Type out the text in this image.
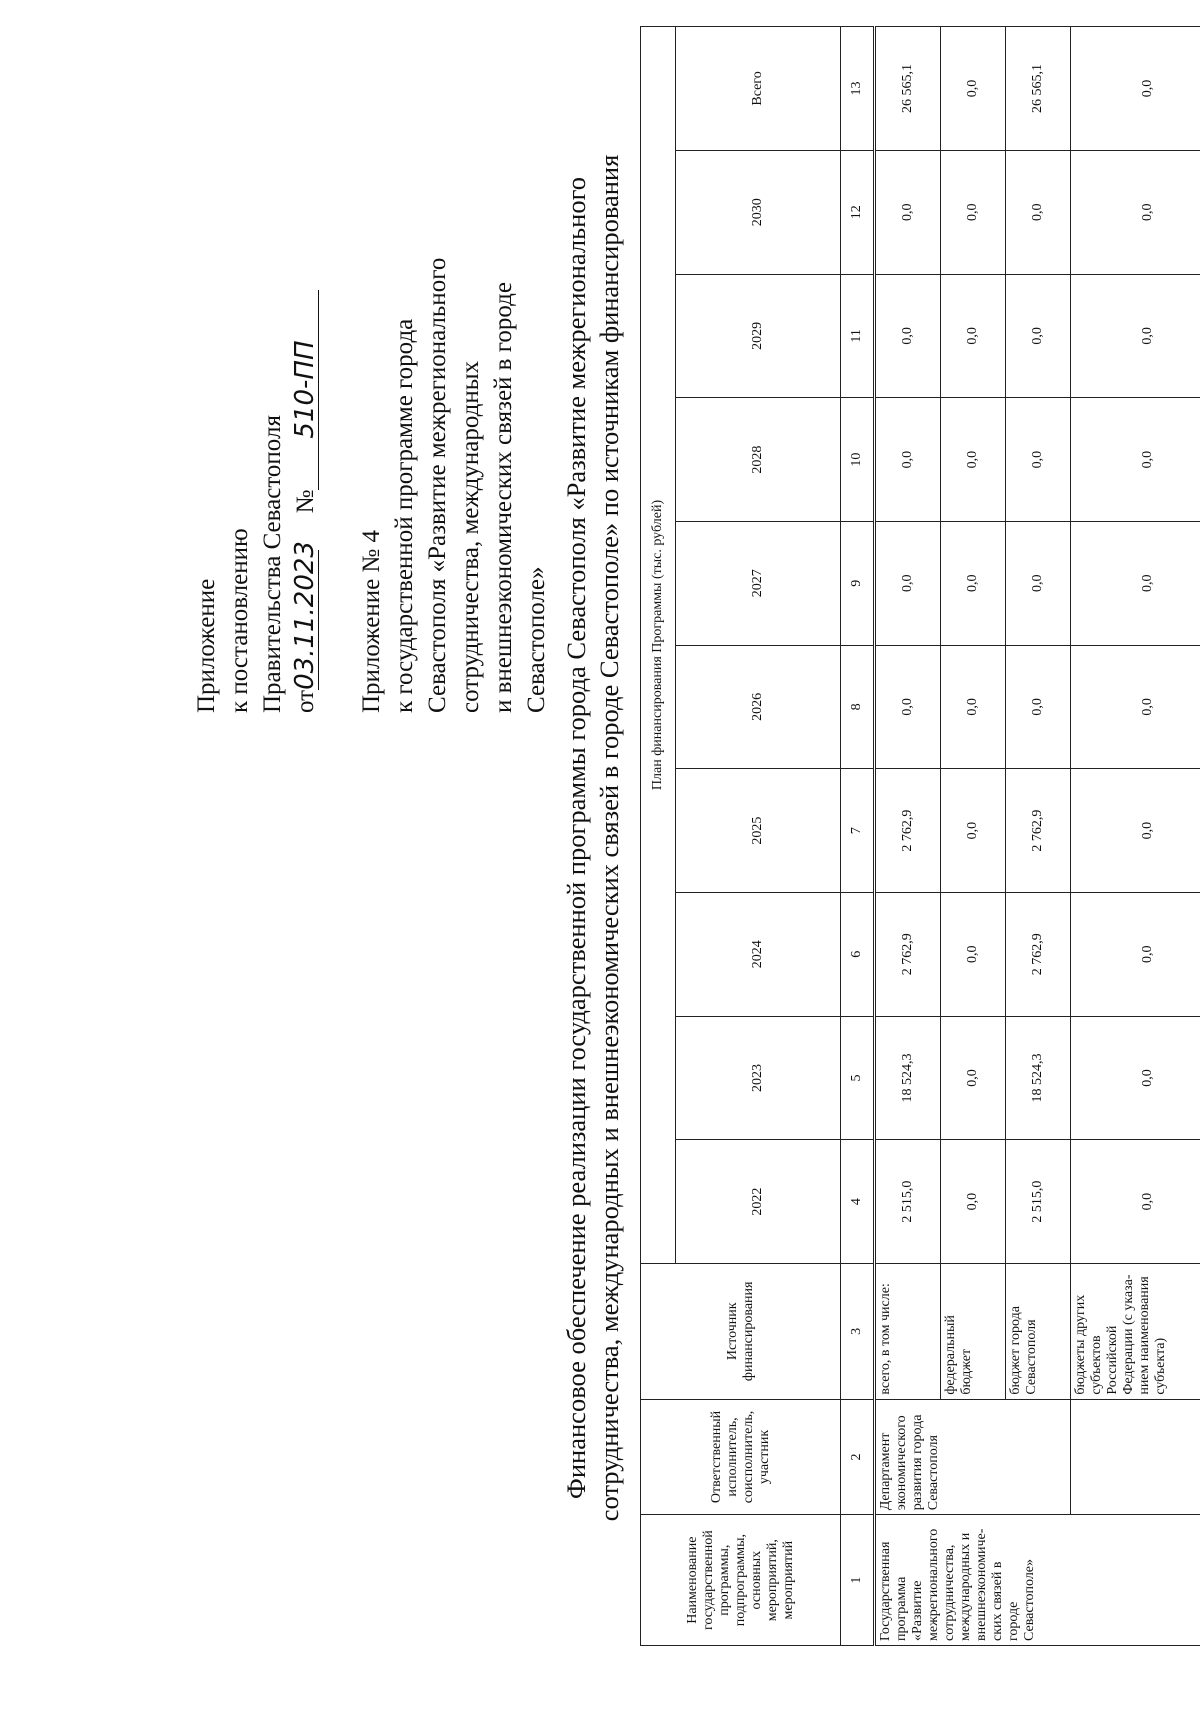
Приложение к постановлению Правительства Севастополя от03.11.2023  №510-ПП

Приложение № 4 к государственной программе города Севастополя «Развитие межрегионального сотрудничества, международных и внешнеэкономических связей в городе Севастополе» Финансовое обеспечение реализации государственной программы города Севастополя «Развитие межрегионального сотрудничества, международных и внешнеэкономических связей в городе Севастополе» по источникам финансирования
Наименование государственной программы, подпрограммы, основных мероприятий, мероприятий	Ответственный исполнитель, соисполнитель, участник	Источник финансирования	План финансирования Программы (тыс. рублей)									
			2022	2023	2024	2025	2026	2027	2028	2029	2030	Всего
1	2	3	4	5	6	7	8	9	10	11	12	13
Государственная программа «Развитие межрегионального сотрудничества, международных и внешнеэкономиче-ских связей в городе Севастополе»	Департамент экономического развития города Севастополя	всего, в том числе:	2 515,0	18 524,3	2 762,9	2 762,9	0,0	0,0	0,0	0,0	0,0	26 565,1
		федеральный бюджет	0,0	0,0	0,0	0,0	0,0	0,0	0,0	0,0	0,0	0,0
		бюджет города Севастополя	2 515,0	18 524,3	2 762,9	2 762,9	0,0	0,0	0,0	0,0	0,0	26 565,1
		бюджеты других субъектов Российской Федерации (с указа-нием наименования субъекта)	0,0	0,0	0,0	0,0	0,0	0,0	0,0	0,0	0,0	0,0
